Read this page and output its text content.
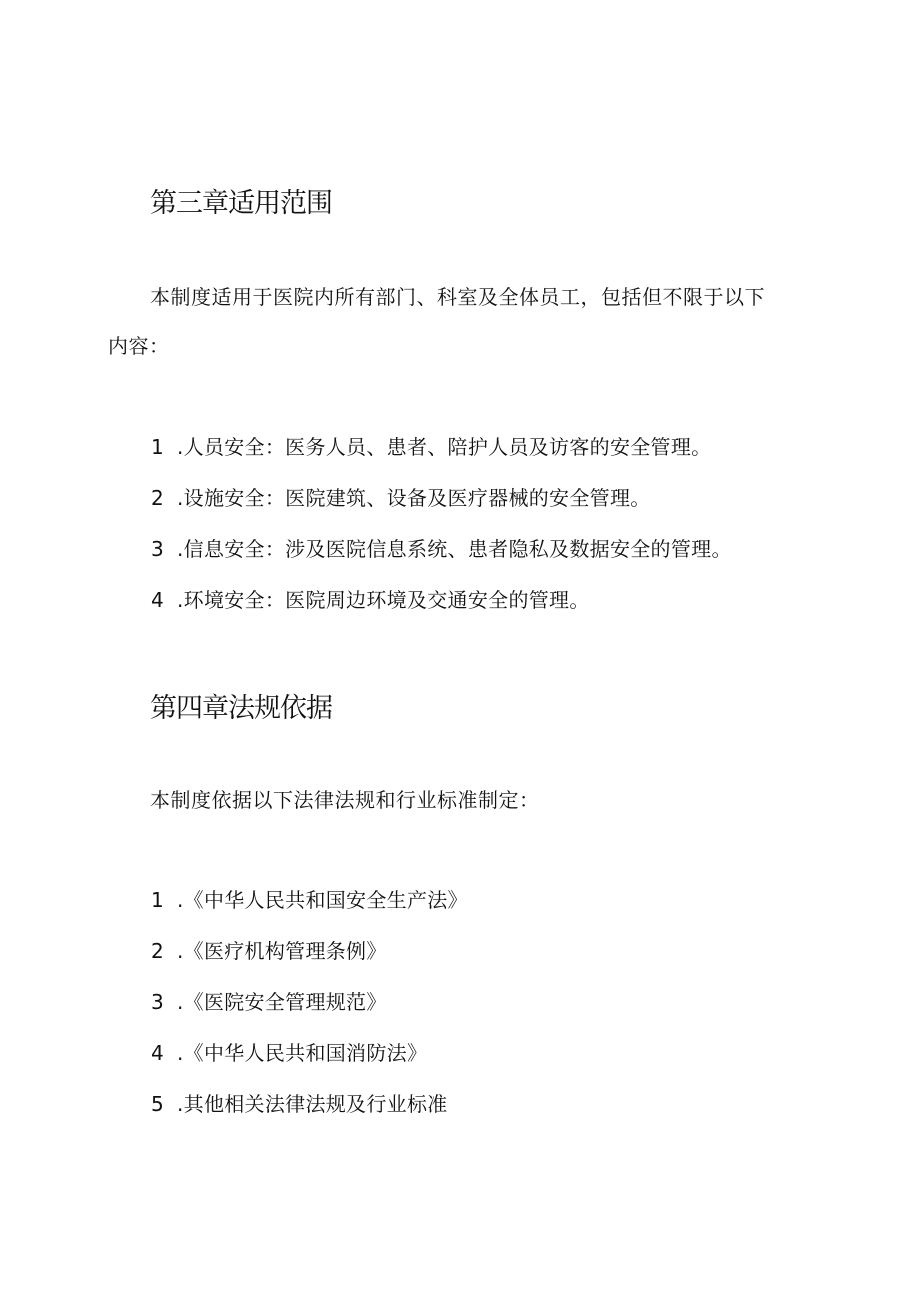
第三章适用范围

本制度适用于医院内所有部门、科室及全体员工，包括但不限于以下

内容：

1 .人员安全：医务人员、患者、陪护人员及访客的安全管理。
2 .设施安全：医院建筑、设备及医疗器械的安全管理。
3 .信息安全：涉及医院信息系统、患者隐私及数据安全的管理。
4 .环境安全：医院周边环境及交通安全的管理。
第四章法规依据

本制度依据以下法律法规和行业标准制定：

1 .《中华人民共和国安全生产法》
2 .《医疗机构管理条例》
3 .《医院安全管理规范》
4 .《中华人民共和国消防法》
5 .其他相关法律法规及行业标准
